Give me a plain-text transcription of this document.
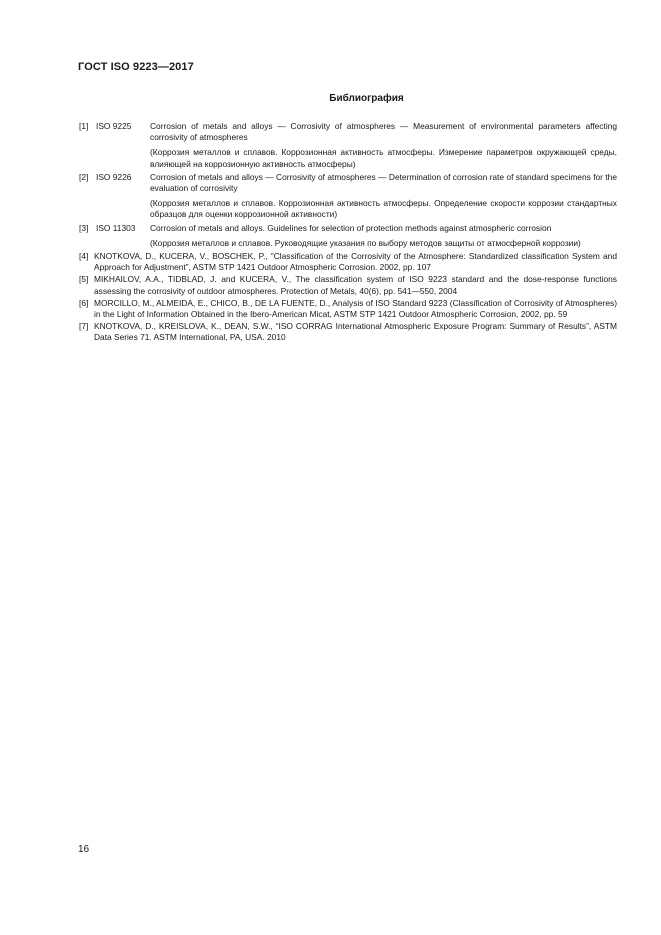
ГОСТ ISO 9223—2017
Библиография
[1] ISO 9225 Corrosion of metals and alloys — Corrosivity of atmospheres — Measurement of environmental parameters affecting corrosivity of atmospheres
(Коррозия металлов и сплавов. Коррозионная активность атмосферы. Измерение параметров окружающей среды, влияющей на коррозионную активность атмосферы)
[2] ISO 9226 Corrosion of metals and alloys — Corrosivity of atmospheres — Determination of corrosion rate of standard specimens for the evaluation of corrosivity
(Коррозия металлов и сплавов. Коррозионная активность атмосферы. Определение скорости коррозии стандартных образцов для оценки коррозионной активности)
[3] ISO 11303 Corrosion of metals and alloys. Guidelines for selection of protection methods against atmospheric corrosion
(Коррозия металлов и сплавов. Руководящие указания по выбору методов защиты от атмосферной коррозии)
[4] KNOTKOVA, D., KUCERA, V., BOSCHEK, P., “Classification of the Corrosivity of the Atmosphere: Standardized classification System and Approach for Adjustment”, ASTM STP 1421 Outdoor Atmospheric Corrosion. 2002, pp. 107
[5] MIKHAILOV, A.A., TIDBLAD, J. and KUCERA, V., The classification system of ISO 9223 standard and the dose-response functions assessing the corrosivity of outdoor atmospheres. Protection of Metals, 40(6), pp. 541—550, 2004
[6] MORCILLO, M., ALMEIDA, E., CHICO, B., DE LA FUENTE, D., Analysis of ISO Standard 9223 (Classification of Corrosivity of Atmospheres) in the Light of Information Obtained in the Ibero-American Micat, ASTM STP 1421 Outdoor Atmospheric Corrosion, 2002, pp. 59
[7] KNOTKOVA, D., KREISLOVA, K., DEAN, S.W., “ISO CORRAG International Atmospheric Exposure Program: Summary of Results”, ASTM Data Series 71. ASTM International, PA, USA. 2010
16
